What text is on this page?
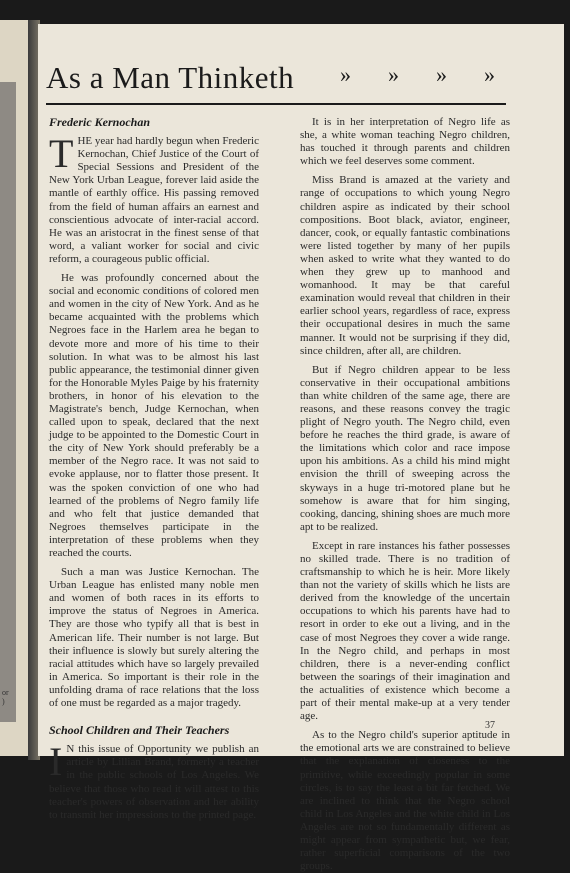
or
)
As a Man Thinketh » » » »
Frederic Kernochan

THE year had hardly begun when Frederic Kernochan, Chief Justice of the Court of Special Sessions and President of the New York Urban League, forever laid aside the mantle of earthly office. His passing removed from the field of human affairs an earnest and conscientious advocate of inter-racial accord. He was an aristocrat in the finest sense of that word, a valiant worker for social and civic reform, a courageous public official.

He was profoundly concerned about the social and economic conditions of colored men and women in the city of New York. And as he became acquainted with the problems which Negroes face in the Harlem area he began to devote more and more of his time to their solution. In what was to be almost his last public appearance, the testimonial dinner given for the Honorable Myles Paige by his fraternity brothers, in honor of his elevation to the Magistrate's bench, Judge Kernochan, when called upon to speak, declared that the next judge to be appointed to the Domestic Court in the city of New York should preferably be a member of the Negro race. It was not said to evoke applause, nor to flatter those present. It was the spoken conviction of one who had learned of the problems of Negro family life and who felt that justice demanded that Negroes themselves participate in the interpretation of these problems when they reached the courts.

Such a man was Justice Kernochan. The Urban League has enlisted many noble men and women of both races in its efforts to improve the status of Negroes in America. They are those who typify all that is best in American life. Their number is not large. But their influence is slowly but surely altering the racial attitudes which have so largely prevailed in America. So important is their role in the unfolding drama of race relations that the loss of one must be regarded as a major tragedy.

School Children and Their Teachers

IN this issue of Opportunity we publish an article by Lillian Brand, formerly a teacher in the public schools of Los Angeles. We believe that those who read it will attest to this teacher's powers of observation and her ability to transmit her impressions to the printed page.

It is in her interpretation of Negro life as she, a white woman teaching Negro children, has touched it through parents and children which we feel deserves some comment.

Miss Brand is amazed at the variety and range of occupations to which young Negro children aspire as indicated by their school compositions. Boot black, aviator, engineer, dancer, cook, or equally fantastic combinations were listed together by many of her pupils when asked to write what they wanted to do when they grew up to manhood and womanhood. It may be that careful examination would reveal that children in their earlier school years, regardless of race, express their occupational desires in much the same manner. It would not be surprising if they did, since children, after all, are children.

But if Negro children appear to be less conservative in their occupational ambitions than white children of the same age, there are reasons, and these reasons convey the tragic plight of Negro youth. The Negro child, even before he reaches the third grade, is aware of the limitations which color and race impose upon his ambitions. As a child his mind might envision the thrill of sweeping across the skyways in a huge tri-motored plane but he somehow is aware that for him singing, cooking, dancing, shining shoes are much more apt to be realized.

Except in rare instances his father possesses no skilled trade. There is no tradition of craftsmanship to which he is heir. More likely than not the variety of skills which he lists are derived from the knowledge of the uncertain occupations to which his parents have had to resort in order to eke out a living, and in the case of most Negroes they cover a wide range. In the Negro child, and perhaps in most children, there is a never-ending conflict between the soarings of their imagination and the actualities of existence which become a part of their mental make-up at a very tender age.

As to the Negro child's superior aptitude in the emotional arts we are constrained to believe that the explanation of closeness to the primitive, while exceedingly popular in some circles, is to say the least a bit far fetched. We are inclined to think that the Negro school child in Los Angeles and the white child in Los Angeles are not so fundamentally different as might appear from sympathetic but, we fear, rather superficial comparisons of the two groups.

37
